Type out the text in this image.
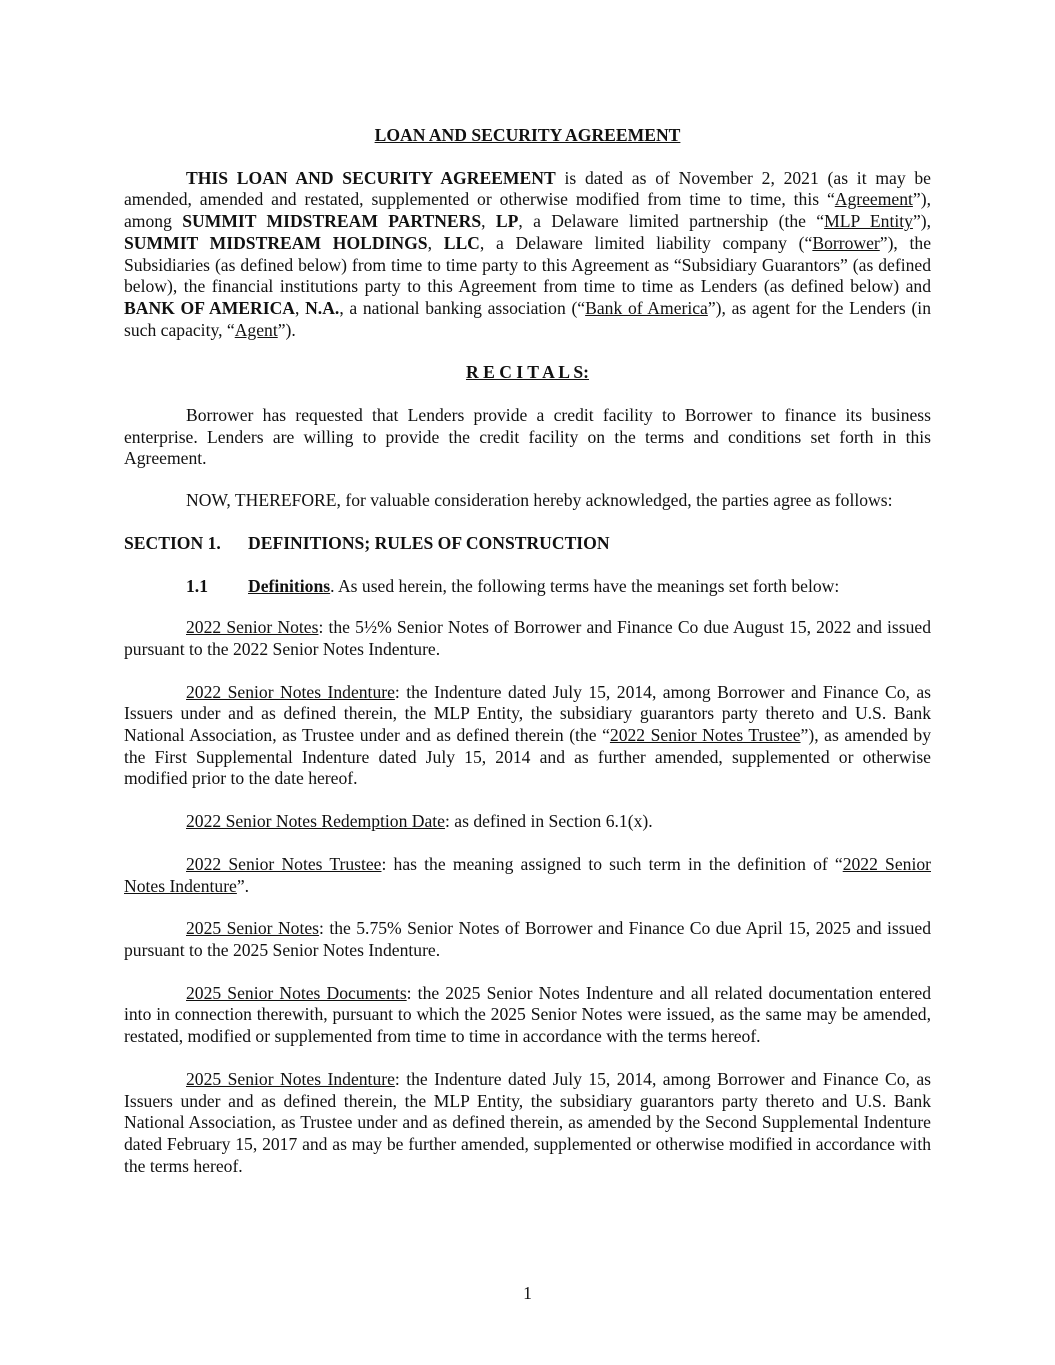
LOAN AND SECURITY AGREEMENT

THIS LOAN AND SECURITY AGREEMENT is dated as of November 2, 2021 (as it may be amended, amended and restated, supplemented or otherwise modified from time to time, this “Agreement”), among SUMMIT MIDSTREAM PARTNERS, LP, a Delaware limited partnership (the “MLP Entity”), SUMMIT MIDSTREAM HOLDINGS, LLC, a Delaware limited liability company (“Borrower”), the Subsidiaries (as defined below) from time to time party to this Agreement as “Subsidiary Guarantors” (as defined below), the financial institutions party to this Agreement from time to time as Lenders (as defined below) and BANK OF AMERICA, N.A., a national banking association (“Bank of America”), as agent for the Lenders (in such capacity, “Agent”).

R E C I T A L S:

Borrower has requested that Lenders provide a credit facility to Borrower to finance its business enterprise. Lenders are willing to provide the credit facility on the terms and conditions set forth in this Agreement.

NOW, THEREFORE, for valuable consideration hereby acknowledged, the parties agree as follows:

SECTION 1. DEFINITIONS; RULES OF CONSTRUCTION

1.1 Definitions. As used herein, the following terms have the meanings set forth below:

2022 Senior Notes: the 5½% Senior Notes of Borrower and Finance Co due August 15, 2022 and issued pursuant to the 2022 Senior Notes Indenture.

2022 Senior Notes Indenture: the Indenture dated July 15, 2014, among Borrower and Finance Co, as Issuers under and as defined therein, the MLP Entity, the subsidiary guarantors party thereto and U.S. Bank National Association, as Trustee under and as defined therein (the “2022 Senior Notes Trustee”), as amended by the First Supplemental Indenture dated July 15, 2014 and as further amended, supplemented or otherwise modified prior to the date hereof.

2022 Senior Notes Redemption Date: as defined in Section 6.1(x).

2022 Senior Notes Trustee: has the meaning assigned to such term in the definition of “2022 Senior Notes Indenture”.

2025 Senior Notes: the 5.75% Senior Notes of Borrower and Finance Co due April 15, 2025 and issued pursuant to the 2025 Senior Notes Indenture.

2025 Senior Notes Documents: the 2025 Senior Notes Indenture and all related documentation entered into in connection therewith, pursuant to which the 2025 Senior Notes were issued, as the same may be amended, restated, modified or supplemented from time to time in accordance with the terms hereof.

2025 Senior Notes Indenture: the Indenture dated July 15, 2014, among Borrower and Finance Co, as Issuers under and as defined therein, the MLP Entity, the subsidiary guarantors party thereto and U.S. Bank National Association, as Trustee under and as defined therein, as amended by the Second Supplemental Indenture dated February 15, 2017 and as may be further amended, supplemented or otherwise modified in accordance with the terms hereof.

1
